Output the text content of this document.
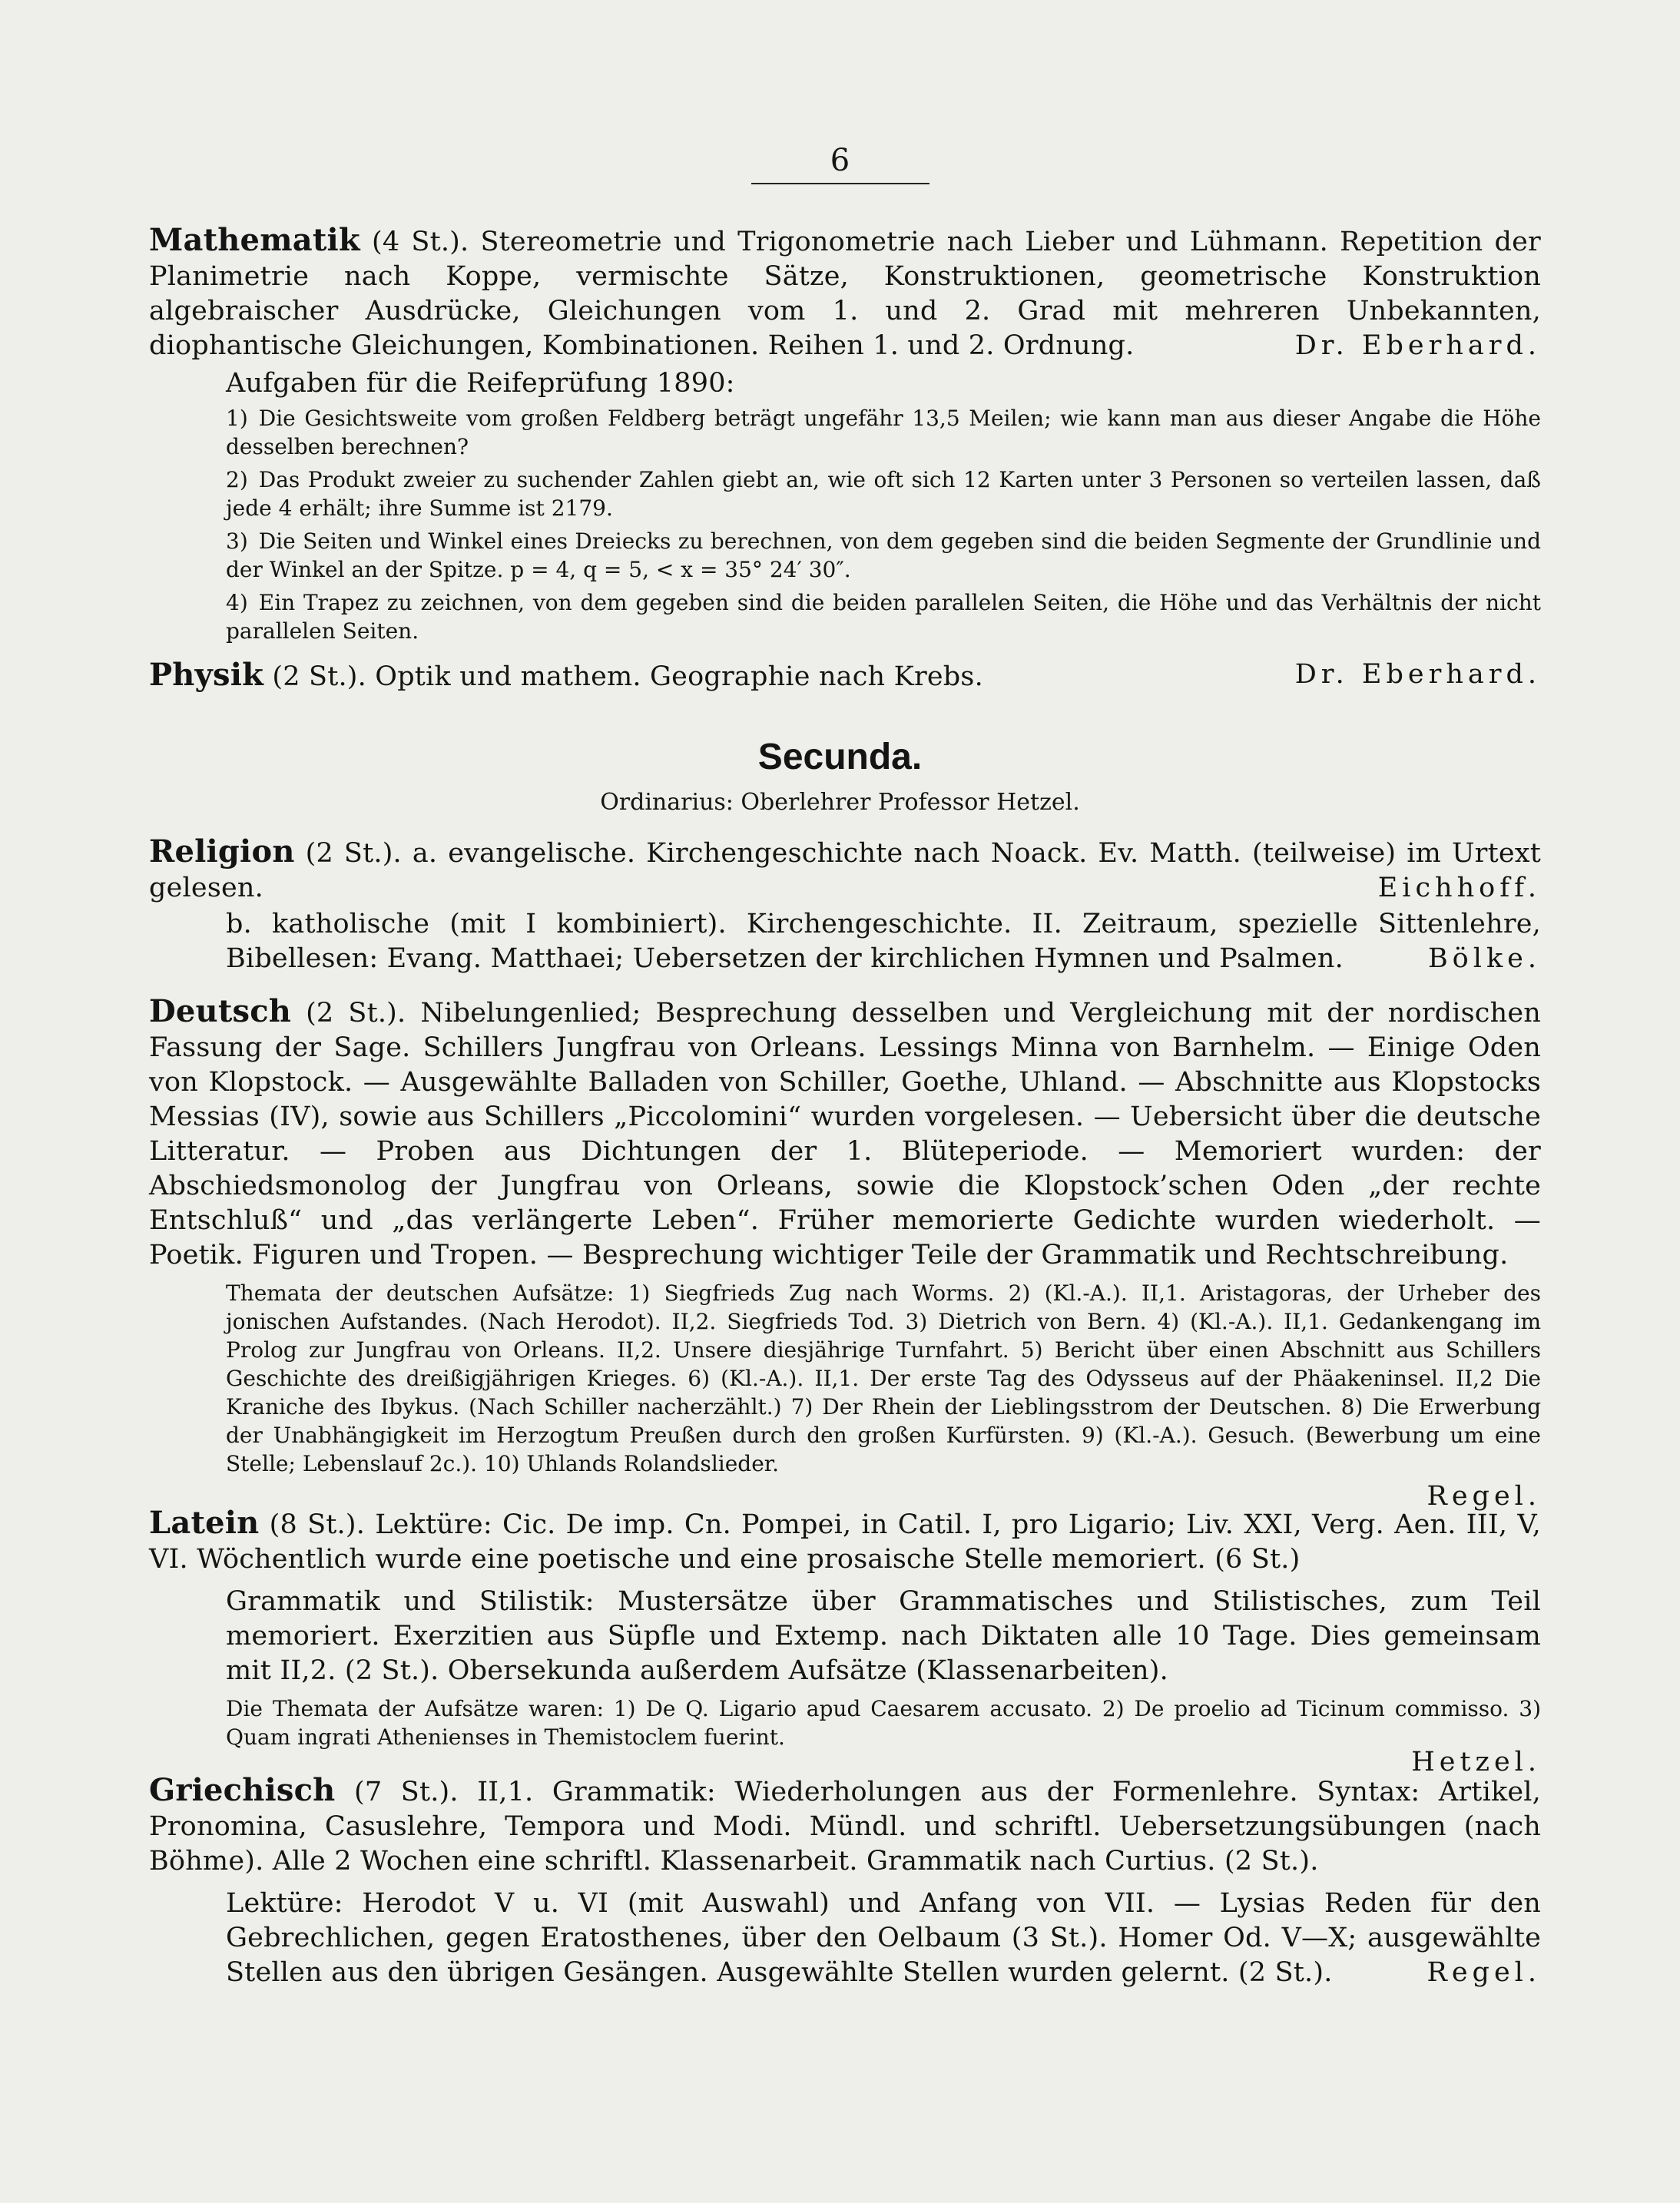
6

Mathematik (4 St.). Stereometrie und Trigonometrie nach Lieber und Lühmann. Repetition der Planimetrie nach Koppe, vermischte Sätze, Konstruktionen, geometrische Konstruktion algebraischer Ausdrücke, Gleichungen vom 1. und 2. Grad mit mehreren Unbekannten, diophantische Gleichungen, Kombinationen. Reihen 1. und 2. Ordnung.	Dr. Eberhard.

Aufgaben für die Reifeprüfung 1890:

1) Die Gesichtsweite vom großen Feldberg beträgt ungefähr 13,5 Meilen; wie kann man aus dieser Angabe die Höhe desselben berechnen?
2) Das Produkt zweier zu suchender Zahlen giebt an, wie oft sich 12 Karten unter 3 Personen so verteilen lassen, daß jede 4 erhält; ihre Summe ist 2179.
3) Die Seiten und Winkel eines Dreiecks zu berechnen, von dem gegeben sind die beiden Segmente der Grundlinie und der Winkel an der Spitze. p = 4, q = 5, < x = 35° 24′ 30″.
4) Ein Trapez zu zeichnen, von dem gegeben sind die beiden parallelen Seiten, die Höhe und das Verhältnis der nicht parallelen Seiten.

Physik (2 St.). Optik und mathem. Geographie nach Krebs.	Dr. Eberhard.

Secunda.
Ordinarius: Oberlehrer Professor Hetzel.

Religion (2 St.). a. evangelische. Kirchengeschichte nach Noack. Ev. Matth. (teilweise) im Urtext gelesen.	Eichhoff.

b. katholische (mit I kombiniert). Kirchengeschichte. II. Zeitraum, spezielle Sittenlehre, Bibellesen: Evang. Matthaei; Uebersetzen der kirchlichen Hymnen und Psalmen.	Bölke.

Deutsch (2 St.). Nibelungenlied; Besprechung desselben und Vergleichung mit der nordischen Fassung der Sage. Schillers Jungfrau von Orleans. Lessings Minna von Barnhelm. — Einige Oden von Klopstock. — Ausgewählte Balladen von Schiller, Goethe, Uhland. — Abschnitte aus Klopstocks Messias (IV), sowie aus Schillers „Piccolomini“ wurden vorgelesen. — Uebersicht über die deutsche Litteratur. — Proben aus Dichtungen der 1. Blüteperiode. — Memoriert wurden: der Abschiedsmonolog der Jungfrau von Orleans, sowie die Klopstock’schen Oden „der rechte Entschluß“ und „das verlängerte Leben“. Früher memorierte Gedichte wurden wiederholt. — Poetik. Figuren und Tropen. — Besprechung wichtiger Teile der Grammatik und Rechtschreibung.

Themata der deutschen Aufsätze: 1) Siegfrieds Zug nach Worms. 2) (Kl.-A.). II,1. Aristagoras, der Urheber des jonischen Aufstandes. (Nach Herodot). II,2. Siegfrieds Tod. 3) Dietrich von Bern. 4) (Kl.-A.). II,1. Gedankengang im Prolog zur Jungfrau von Orleans. II,2. Unsere diesjährige Turnfahrt. 5) Bericht über einen Abschnitt aus Schillers Geschichte des dreißigjährigen Krieges. 6) (Kl.-A.). II,1. Der erste Tag des Odysseus auf der Phäakeninsel. II,2 Die Kraniche des Ibykus. (Nach Schiller nacherzählt.) 7) Der Rhein der Lieblingsstrom der Deutschen. 8) Die Erwerbung der Unabhängigkeit im Herzogtum Preußen durch den großen Kurfürsten. 9) (Kl.-A.). Gesuch. (Bewerbung um eine Stelle; Lebenslauf 2c.). 10) Uhlands Rolandslieder.

Regel.

Latein (8 St.). Lektüre: Cic. De imp. Cn. Pompei, in Catil. I, pro Ligario; Liv. XXI, Verg. Aen. III, V, VI. Wöchentlich wurde eine poetische und eine prosaische Stelle memoriert. (6 St.)

Grammatik und Stilistik: Mustersätze über Grammatisches und Stilistisches, zum Teil memoriert. Exerzitien aus Süpfle und Extemp. nach Diktaten alle 10 Tage. Dies gemeinsam mit II,2. (2 St.). Obersekunda außerdem Aufsätze (Klassenarbeiten).

Die Themata der Aufsätze waren: 1) De Q. Ligario apud Caesarem accusato. 2) De proelio ad Ticinum commisso. 3) Quam ingrati Athenienses in Themistoclem fuerint.

Hetzel.

Griechisch (7 St.). II,1. Grammatik: Wiederholungen aus der Formenlehre. Syntax: Artikel, Pronomina, Casuslehre, Tempora und Modi. Mündl. und schriftl. Uebersetzungsübungen (nach Böhme). Alle 2 Wochen eine schriftl. Klassenarbeit. Grammatik nach Curtius. (2 St.).

Lektüre: Herodot V u. VI (mit Auswahl) und Anfang von VII. — Lysias Reden für den Gebrechlichen, gegen Eratosthenes, über den Oelbaum (3 St.). Homer Od. V—X; ausgewählte Stellen aus den übrigen Gesängen. Ausgewählte Stellen wurden gelernt. (2 St.).	Regel.
